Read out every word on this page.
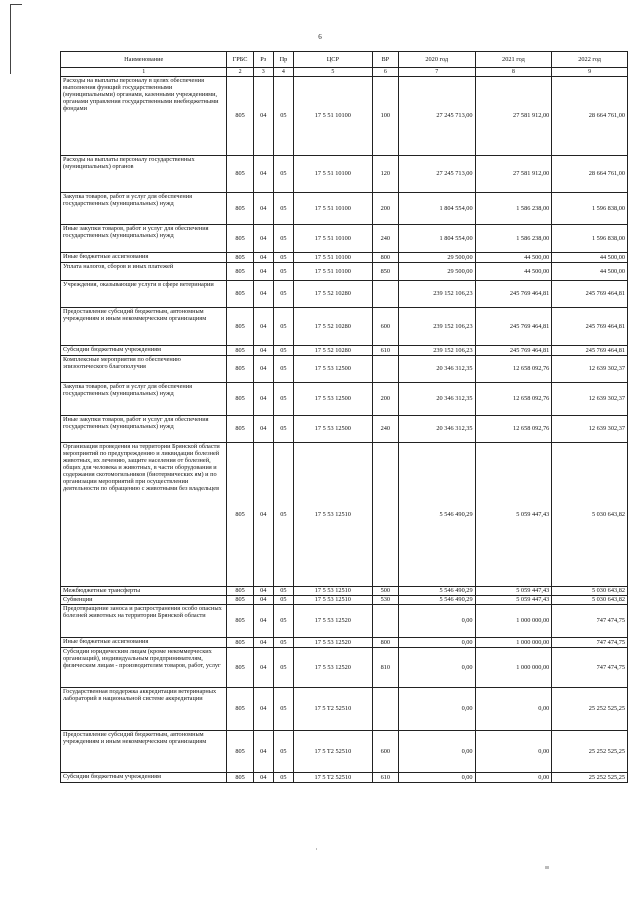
6
Наименование	ГРБС	Рз	Пр	ЦСР	ВР	2020 год	2021 год	2022 год
1	2	3	4	5	6	7	8	9
Расходы на выплаты персоналу в целях обеспечения выполнения функций государственными (муниципальными) органами, казенными учреждениями, органами управления государственными внебюджетными фондами	805	04	05	17 5 51 10100	100	27 245 713,00	27 581 912,00	28 664 761,00
Расходы на выплаты персоналу государственных (муниципальных) органов	805	04	05	17 5 51 10100	120	27 245 713,00	27 581 912,00	28 664 761,00
Закупка товаров, работ и услуг для обеспечения государственных (муниципальных) нужд	805	04	05	17 5 51 10100	200	1 804 554,00	1 586 238,00	1 596 838,00
Иные закупки товаров, работ и услуг для обеспечения государственных (муниципальных) нужд	805	04	05	17 5 51 10100	240	1 804 554,00	1 586 238,00	1 596 838,00
Иные бюджетные ассигнования	805	04	05	17 5 51 10100	800	29 500,00	44 500,00	44 500,00
Уплата налогов, сборов и иных платежей	805	04	05	17 5 51 10100	850	29 500,00	44 500,00	44 500,00
Учреждения, оказывающие услуги в сфере ветеринарии	805	04	05	17 5 52 10280		239 152 106,23	245 769 464,81	245 769 464,81
Предоставление субсидий бюджетным, автономным учреждениям и иным некоммерческим организациям	805	04	05	17 5 52 10280	600	239 152 106,23	245 769 464,81	245 769 464,81
Субсидии бюджетным учреждениям	805	04	05	17 5 52 10280	610	239 152 106,23	245 769 464,81	245 769 464,81
Комплексные мероприятия по обеспечению эпизоотического благополучия	805	04	05	17 5 53 12500		20 346 312,35	12 658 092,76	12 639 302,37
Закупка товаров, работ и услуг для обеспечения государственных (муниципальных) нужд	805	04	05	17 5 53 12500	200	20 346 312,35	12 658 092,76	12 639 302,37
Иные закупки товаров, работ и услуг для обеспечения государственных (муниципальных) нужд	805	04	05	17 5 53 12500	240	20 346 312,35	12 658 092,76	12 639 302,37
Организация проведения на территории Брянской области мероприятий по предупреждению и ликвидации болезней животных, их лечению, защите населения от болезней, общих для человека и животных, в части оборудования и содержания скотомогильников (биотермических ям) и по организации мероприятий при осуществлении деятельности по обращению с животными без владельцев	805	04	05	17 5 53 12510		5 546 490,29	5 059 447,43	5 030 643,82
Межбюджетные трансферты	805	04	05	17 5 53 12510	500	5 546 490,29	5 059 447,43	5 030 643,82
Субвенции	805	04	05	17 5 53 12510	530	5 546 490,29	5 059 447,43	5 030 643,82
Предотвращение заноса и распространения особо опасных болезней животных на территории Брянской области	805	04	05	17 5 53 12520		0,00	1 000 000,00	747 474,75
Иные бюджетные ассигнования	805	04	05	17 5 53 12520	800	0,00	1 000 000,00	747 474,75
Субсидии юридическим лицам (кроме некоммерческих организаций), индивидуальным предпринимателям, физическим лицам - производителям товаров, работ, услуг	805	04	05	17 5 53 12520	810	0,00	1 000 000,00	747 474,75
Государственная поддержка аккредитации ветеринарных лабораторий в национальной системе аккредитации	805	04	05	17 5 T2 52510		0,00	0,00	25 252 525,25
Предоставление субсидий бюджетным, автономным учреждениям и иным некоммерческим организациям	805	04	05	17 5 T2 52510	600	0,00	0,00	25 252 525,25
Субсидии бюджетным учреждениям	805	04	05	17 5 T2 52510	610	0,00	0,00	25 252 525,25
